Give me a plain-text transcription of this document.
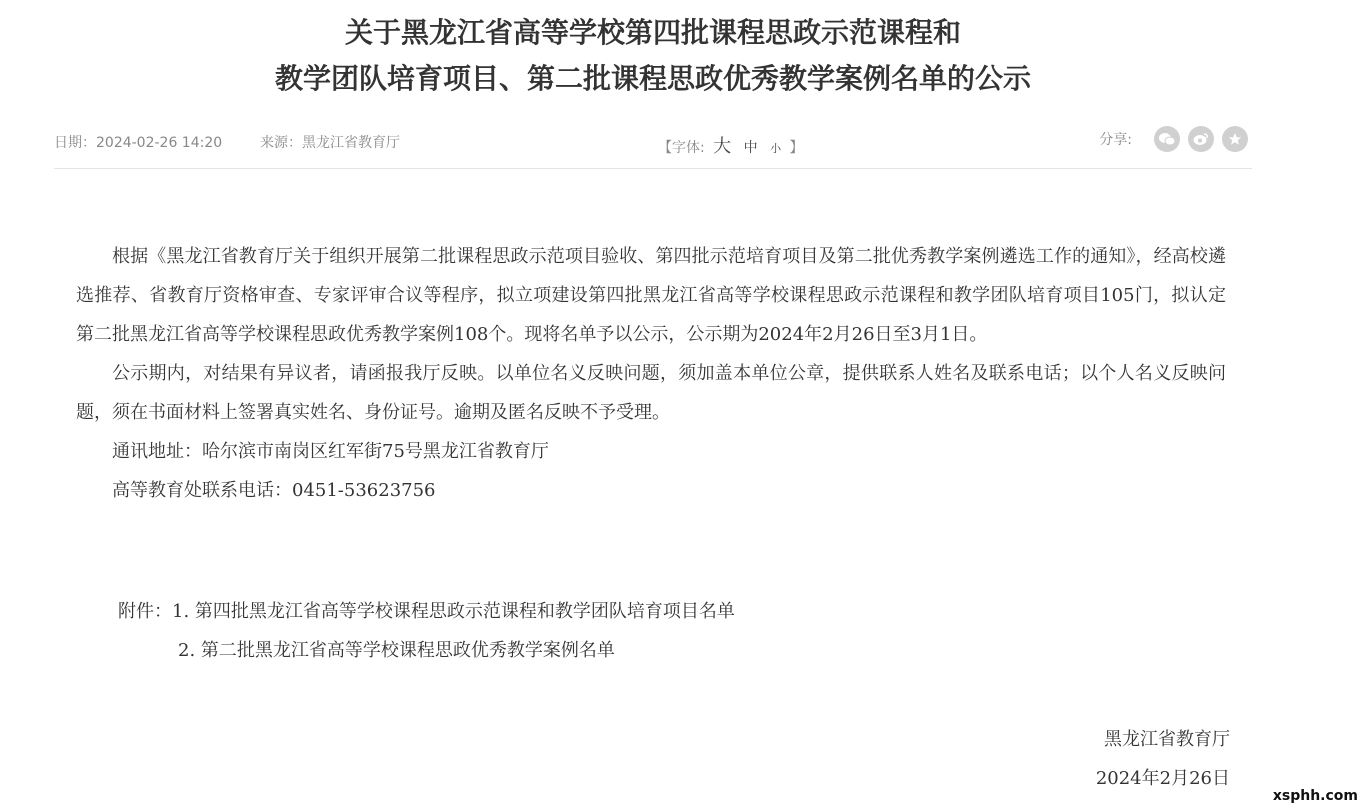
关于黑龙江省高等学校第四批课程思政示范课程和
教学团队培育项目、第二批课程思政优秀教学案例名单的公示
日期：2024-02-26 14:20	来源：黑龙江省教育厅	【字体: 大 中 小 】	分享:

根据《黑龙江省教育厅关于组织开展第二批课程思政示范项目验收、第四批示范培育项目及第二批优秀教学案例遴选工作的通知》，经高校遴选推荐、省教育厅资格审查、专家评审合议等程序，拟立项建设第四批黑龙江省高等学校课程思政示范课程和教学团队培育项目105门，拟认定第二批黑龙江省高等学校课程思政优秀教学案例108个。现将名单予以公示，公示期为2024年2月26日至3月1日。

公示期内，对结果有异议者，请函报我厅反映。以单位名义反映问题，须加盖本单位公章，提供联系人姓名及联系电话；以个人名义反映问题，须在书面材料上签署真实姓名、身份证号。逾期及匿名反映不予受理。

通讯地址：哈尔滨市南岗区红军街75号黑龙江省教育厅

高等教育处联系电话：0451-53623756

附件：1. 第四批黑龙江省高等学校课程思政示范课程和教学团队培育项目名单
2. 第二批黑龙江省高等学校课程思政优秀教学案例名单
黑龙江省教育厅
2024年2月26日
xsphh.com
